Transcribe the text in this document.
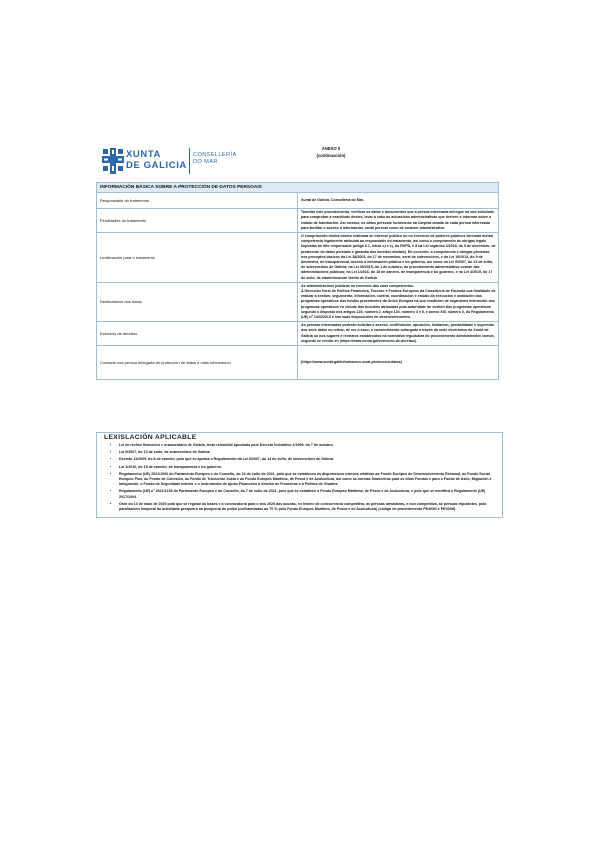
XUNTA
DE GALICIA
CONSELLERÍA
DO MAR
ANEXO II
(continuación)
INFORMACIÓN BÁSICA SOBRE A PROTECCIÓN DE DATOS PERSOAIS	
Responsable do tratamento	Xunta de Galicia. Consellería do Mar.
Finalidades do tratamento	Tramitar este procedemento, verificar os datos e documentos que a persoa interesada achegue na súa solicitude para comprobar a exactitude destes, levar a cabo as actuacións administrativas que deriven e informar sobre o estado de tramitación. Así mesmo, os datos persoais incluiranse na Carpeta cidadá de cada persoa interesada para facilitar o acceso á información, tanto persoal como de carácter administrativo.
Lexitimación para o tratamento	O cumprimento dunha misión realizada en interese público ou no exercicio de poderes públicos derivada dunha competencia legalmente atribuída ao responsable do tratamento, así como o cumprimento de obrigas legais impostas ao dito responsable (artigo 6.1, letras c) e e), do RXPD, e 8 da Lei orgánica 3/2018, do 5 de decembro, de protección de datos persoais e garantía dos dereitos dixitais). En concreto, a competencia e obrigas previstas nos preceptos básicos da Lei 38/2003, do 17 de novembro, xeral de subvencións, e da Lei 19/2013, do 9 de decembro, de transparencia, acceso á información pública e bo goberno, así como na Lei 9/2007, do 13 de xuño, de subvencións de Galicia; na Lei 39/2015, do 1 de outubro, do procedemento administrativo común das administracións públicas; na Lei 1/2016, do 18 de xaneiro, de transparencia e bo goberno, e na Lei 4/2019, do 17 de xullo, de administración dixital de Galicia.
Destinatarios dos datos	As administracións públicas no exercicio das súas competencias.
A Dirección Xeral de Política Financeira, Tesouro e Fondos Europeos da Consellería de Facenda coa finalidade de realizar a xestión, seguimento, información, control, coordinación e estudo da execución e avaliación dos programas operativos dos fondos procedentes da Unión Europea na súa condición de organismo intermedio dos programas operativos en virtude das funcións atribuídas pola autoridade de xestión dos programas operativos segundo o disposto nos artigos 125, número 2, artigo 140, número 3 e 5, e anexo XIII, número 3, do Regulamento (UE) nº 1303/2013 e nas súas disposicións de desenvolvemento.
Exercicio de dereitos	As persoas interesadas poderán solicitar o acceso, rectificación, oposición, limitación, portabilidade e supresión dos seus datos ou retirar, de ser o caso, o consentimento outorgado a través da sede electrónica da Xunta de Galicia ou nos lugares e rexistros establecidos na normativa reguladora do procedemento administrativo común, segundo se recolle en (https://www.xunta.gal/exercicio-de-dereitos)
Contacto coa persoa delegada de protección de datos e máis información	(https://www.xunta.gal/informacion-xeral-proteccion-datos)
LEXISLACIÓN APLICABLE
• Lei de réxime financeiro e orzamentario de Galicia, texto refundido aprobado polo Decreto lexislativo 1/1999, do 7 de outubro.
• Lei 9/2007, do 13 de xuño, de subvencións de Galicia.
• Decreto 11/2009, do 8 de xaneiro, polo que se aproba o Regulamento da Lei 9/2007, do 13 de xuño, de subvencións de Galicia.
• Lei 1/2016, do 18 de xaneiro, de transparencia e bo goberno.
• Regulamento (UE) 2021/1060 do Parlamento Europeo e do Consello, do 24 de xuño de 2021, polo que se establecen as disposicións comúns relativas ao Fondo Europeo de Desenvolvemento Rexional, ao Fondo Social Europeo Plus, ao Fondo de Cohesión, ao Fondo de Transición Xusta e ao Fondo Europeo Marítimo, de Pesca e de Acuicultura, así como as normas financeiras para os ditos Fondos e para o Fondo de Asilo, Migración e Integración, o Fondo de Seguridade Interior e o Instrumento de Apoio Financeiro á Xestión de Fronteiras e á Política de Visados.
• Regulamento (UE) nº 2021/1139 do Parlamento Europeo e do Consello, do 7 de xullo de 2021, polo que se establece o Fondo Europeo Marítimo, de Pesca e de Acuicultura, e polo que se modifica o Regulamento (UE) 2017/1004.
• Orde do 13 de maio de 2025 pola que se regulan as bases e a convocatoria para o ano 2025 das axudas, en réxime de concorrencia competitiva, ás persoas armadoras, e non competitiva, ás persoas tripulantes, pola paralización temporal da actividade pesqueira na pesquería do polbo (cofinanciadas ao 70 % polo Fondo Europeo Marítimo, de Pesca e de Acuicultura) (código de procedemento PE403G e PE403H).
